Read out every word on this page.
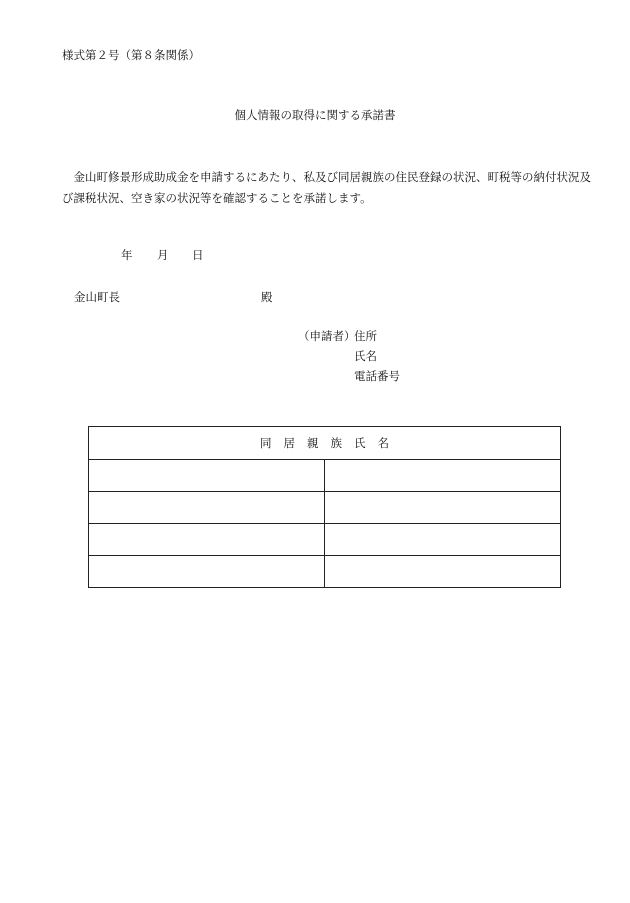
様式第２号（第８条関係）
個人情報の取得に関する承諾書
金山町修景形成助成金を申請するにあたり、私及び同居親族の住民登録の状況、町税等の納付状況及び課税状況、空き家の状況等を確認することを承諾します。
年 月 日
金山町長	殿
（申請者）
住所
氏名
電話番号
同居親族氏名	
